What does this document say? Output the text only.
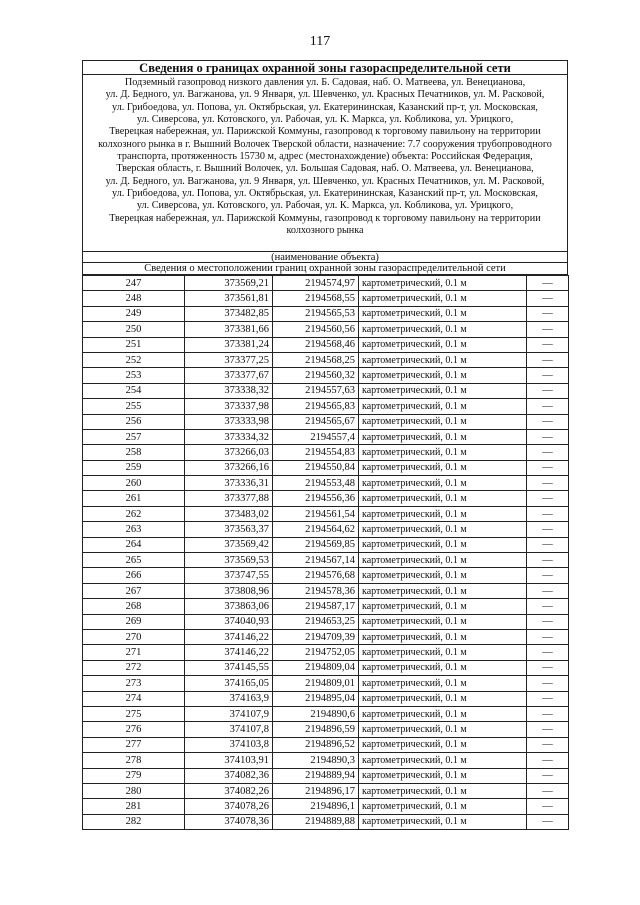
117
Сведения о границах охранной зоны газораспределительной сети
Подземный газопровод низкого давления ул. Б. Садовая, наб. О. Матвеева, ул. Венецианова,
ул. Д. Бедного, ул. Вагжанова, ул. 9 Января, ул. Шевченко, ул. Красных Печатников, ул. М. Расковой,
ул. Грибоедова, ул. Попова, ул. Октябрьская, ул. Екатерининская, Казанский пр-т, ул. Московская,
ул. Сиверсова, ул. Котовского, ул. Рабочая, ул. К. Маркса, ул. Кобликова, ул. Урицкого,
Тверецкая набережная, ул. Парижской Коммуны, газопровод к торговому павильону на территории
колхозного рынка в г. Вышний Волочек Тверской области, назначение: 7.7 сооружения трубопроводного
транспорта, протяженность 15730 м, адрес (местонахождение) объекта: Российская Федерация,
Тверская область, г. Вышний Волочек, ул. Большая Садовая, наб. О. Матвеева, ул. Венецианова,
ул. Д. Бедного, ул. Вагжанова, ул. 9 Января, ул. Шевченко, ул. Красных Печатников, ул. М. Расковой,
ул. Грибоедова, ул. Попова, ул. Октябрьская, ул. Екатерининская, Казанский пр-т, ул. Московская,
ул. Сиверсова, ул. Котовского, ул. Рабочая, ул. К. Маркса, ул. Кобликова, ул. Урицкого,
Тверецкая набережная, ул. Парижской Коммуны, газопровод к торговому павильону на территории
колхозного рынка
(наименование объекта)
Сведения о местоположении границ охранной зоны газораспределительной сети
247	373569,21	2194574,97	картометрический, 0.1 м	—
248	373561,81	2194568,55	картометрический, 0.1 м	—
249	373482,85	2194565,53	картометрический, 0.1 м	—
250	373381,66	2194560,56	картометрический, 0.1 м	—
251	373381,24	2194568,46	картометрический, 0.1 м	—
252	373377,25	2194568,25	картометрический, 0.1 м	—
253	373377,67	2194560,32	картометрический, 0.1 м	—
254	373338,32	2194557,63	картометрический, 0.1 м	—
255	373337,98	2194565,83	картометрический, 0.1 м	—
256	373333,98	2194565,67	картометрический, 0.1 м	—
257	373334,32	2194557,4	картометрический, 0.1 м	—
258	373266,03	2194554,83	картометрический, 0.1 м	—
259	373266,16	2194550,84	картометрический, 0.1 м	—
260	373336,31	2194553,48	картометрический, 0.1 м	—
261	373377,88	2194556,36	картометрический, 0.1 м	—
262	373483,02	2194561,54	картометрический, 0.1 м	—
263	373563,37	2194564,62	картометрический, 0.1 м	—
264	373569,42	2194569,85	картометрический, 0.1 м	—
265	373569,53	2194567,14	картометрический, 0.1 м	—
266	373747,55	2194576,68	картометрический, 0.1 м	—
267	373808,96	2194578,36	картометрический, 0.1 м	—
268	373863,06	2194587,17	картометрический, 0.1 м	—
269	374040,93	2194653,25	картометрический, 0.1 м	—
270	374146,22	2194709,39	картометрический, 0.1 м	—
271	374146,22	2194752,05	картометрический, 0.1 м	—
272	374145,55	2194809,04	картометрический, 0.1 м	—
273	374165,05	2194809,01	картометрический, 0.1 м	—
274	374163,9	2194895,04	картометрический, 0.1 м	—
275	374107,9	2194890,6	картометрический, 0.1 м	—
276	374107,8	2194896,59	картометрический, 0.1 м	—
277	374103,8	2194896,52	картометрический, 0.1 м	—
278	374103,91	2194890,3	картометрический, 0.1 м	—
279	374082,36	2194889,94	картометрический, 0.1 м	—
280	374082,26	2194896,17	картометрический, 0.1 м	—
281	374078,26	2194896,1	картометрический, 0.1 м	—
282	374078,36	2194889,88	картометрический, 0.1 м	—
